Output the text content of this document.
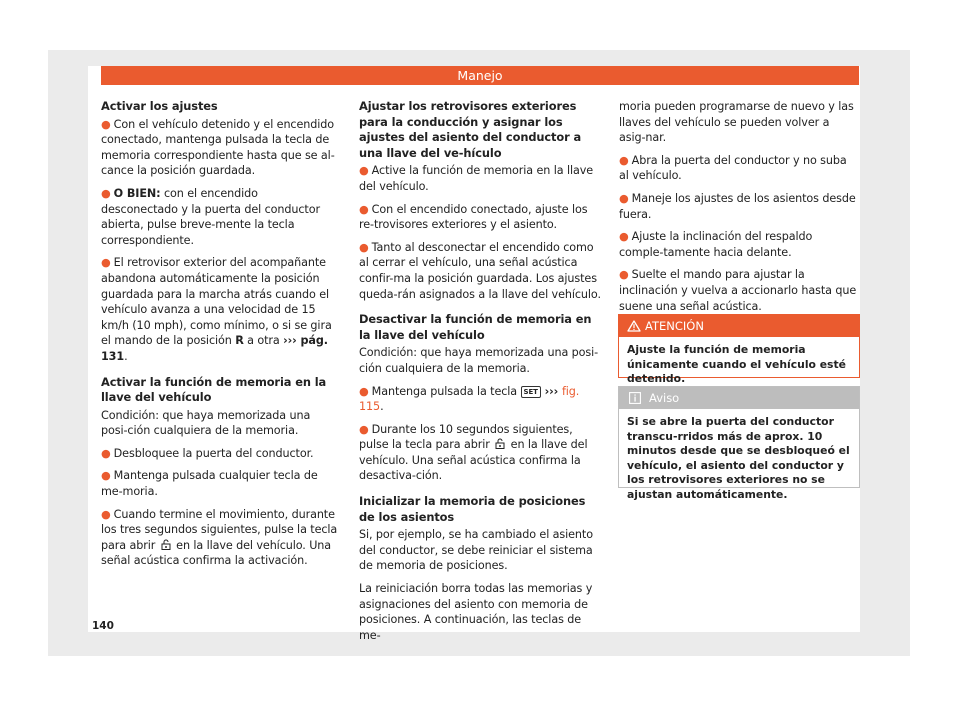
Manejo
Activar los ajustes

● Con el vehículo detenido y el encendido conectado, mantenga pulsada la tecla de memoria correspondiente hasta que se al-cance la posición guardada.

● O BIEN: con el encendido desconectado y la puerta del conductor abierta, pulse breve-mente la tecla correspondiente.

● El retrovisor exterior del acompañante abandona automáticamente la posición guardada para la marcha atrás cuando el vehículo avanza a una velocidad de 15 km/h (10 mph), como mínimo, o si se gira el mando de la posición R a otra ››› pág. 131.

Activar la función de memoria en la llave del vehículo

Condición: que haya memorizada una posi-ción cualquiera de la memoria.

● Desbloquee la puerta del conductor.

● Mantenga pulsada cualquier tecla de me-moria.

● Cuando termine el movimiento, durante los tres segundos siguientes, pulse la tecla para abrir  en la llave del vehículo. Una señal acústica confirma la activación.

Ajustar los retrovisores exteriores para la conducción y asignar los ajustes del asiento del conductor a una llave del ve-hículo

● Active la función de memoria en la llave del vehículo.

● Con el encendido conectado, ajuste los re-trovisores exteriores y el asiento.

● Tanto al desconectar el encendido como al cerrar el vehículo, una señal acústica confir-ma la posición guardada. Los ajustes queda-rán asignados a la llave del vehículo.

Desactivar la función de memoria en la llave del vehículo

Condición: que haya memorizada una posi-ción cualquiera de la memoria.

● Mantenga pulsada la tecla SET ››› fig. 115.

● Durante los 10 segundos siguientes, pulse la tecla para abrir  en la llave del vehículo. Una señal acústica confirma la desactiva-ción.

Inicializar la memoria de posiciones de los asientos

Si, por ejemplo, se ha cambiado el asiento del conductor, se debe reiniciar el sistema de memoria de posiciones.

La reiniciación borra todas las memorias y asignaciones del asiento con memoria de posiciones. A continuación, las teclas de me-

moria pueden programarse de nuevo y las llaves del vehículo se pueden volver a asig-nar.

● Abra la puerta del conductor y no suba al vehículo.

● Maneje los ajustes de los asientos desde fuera.

● Ajuste la inclinación del respaldo comple-tamente hacia delante.

● Suelte el mando para ajustar la inclinación y vuelva a accionarlo hasta que suene una señal acústica.

ATENCIÓN
Ajuste la función de memoria únicamente cuando el vehículo esté detenido.
Aviso
Si se abre la puerta del conductor transcu-rridos más de aprox. 10 minutos desde que se desbloqueó el vehículo, el asiento del conductor y los retrovisores exteriores no se ajustan automáticamente.
140
